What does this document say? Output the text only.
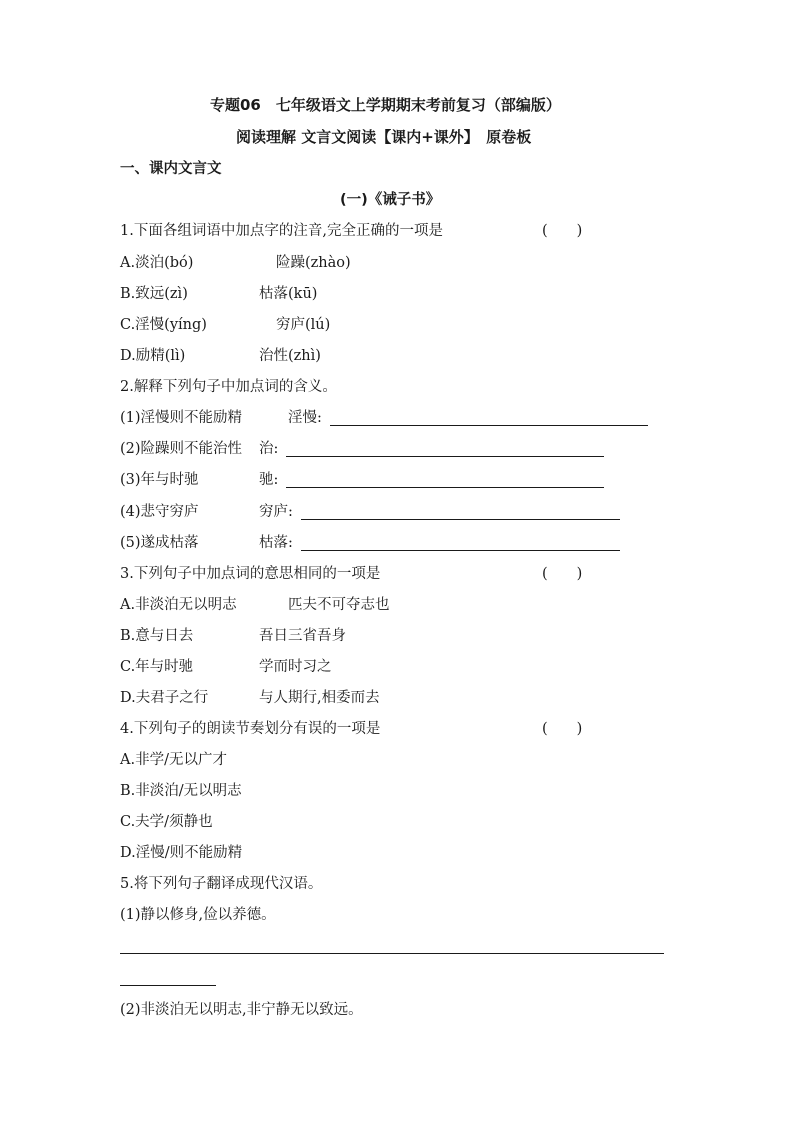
专题06　七年级语文上学期期末考前复习（部编版）
阅读理解 文言文阅读【课内+课外】　原卷板
一、课内文言文
(一)《诫子书》
1.下面各组词语中加点字的注音,完全正确的一项是	(　　)
A.淡泊(bó)	险躁(zhào)
B.致远(zì)	枯落(kū)
C.淫慢(yíng)	穷庐(lú)
D.励精(lì)	治性(zhì)
2.解释下列句子中加点词的含义。
(1)淫慢则不能励精	淫慢:
(2)险躁则不能治性 治:
(3)年与时驰	驰:
(4)悲守穷庐	穷庐:
(5)遂成枯落	枯落:
3.下列句子中加点词的意思相同的一项是	(　　)
A.非淡泊无以明志	匹夫不可夺志也
B.意与日去	吾日三省吾身
C.年与时驰	学而时习之
D.夫君子之行	与人期行,相委而去
4.下列句子的朗读节奏划分有误的一项是	(　　)
A.非学/无以广才
B.非淡泊/无以明志
C.夫学/须静也
D.淫慢/则不能励精
5.将下列句子翻译成现代汉语。
(1)静以修身,俭以养德。
(2)非淡泊无以明志,非宁静无以致远。
